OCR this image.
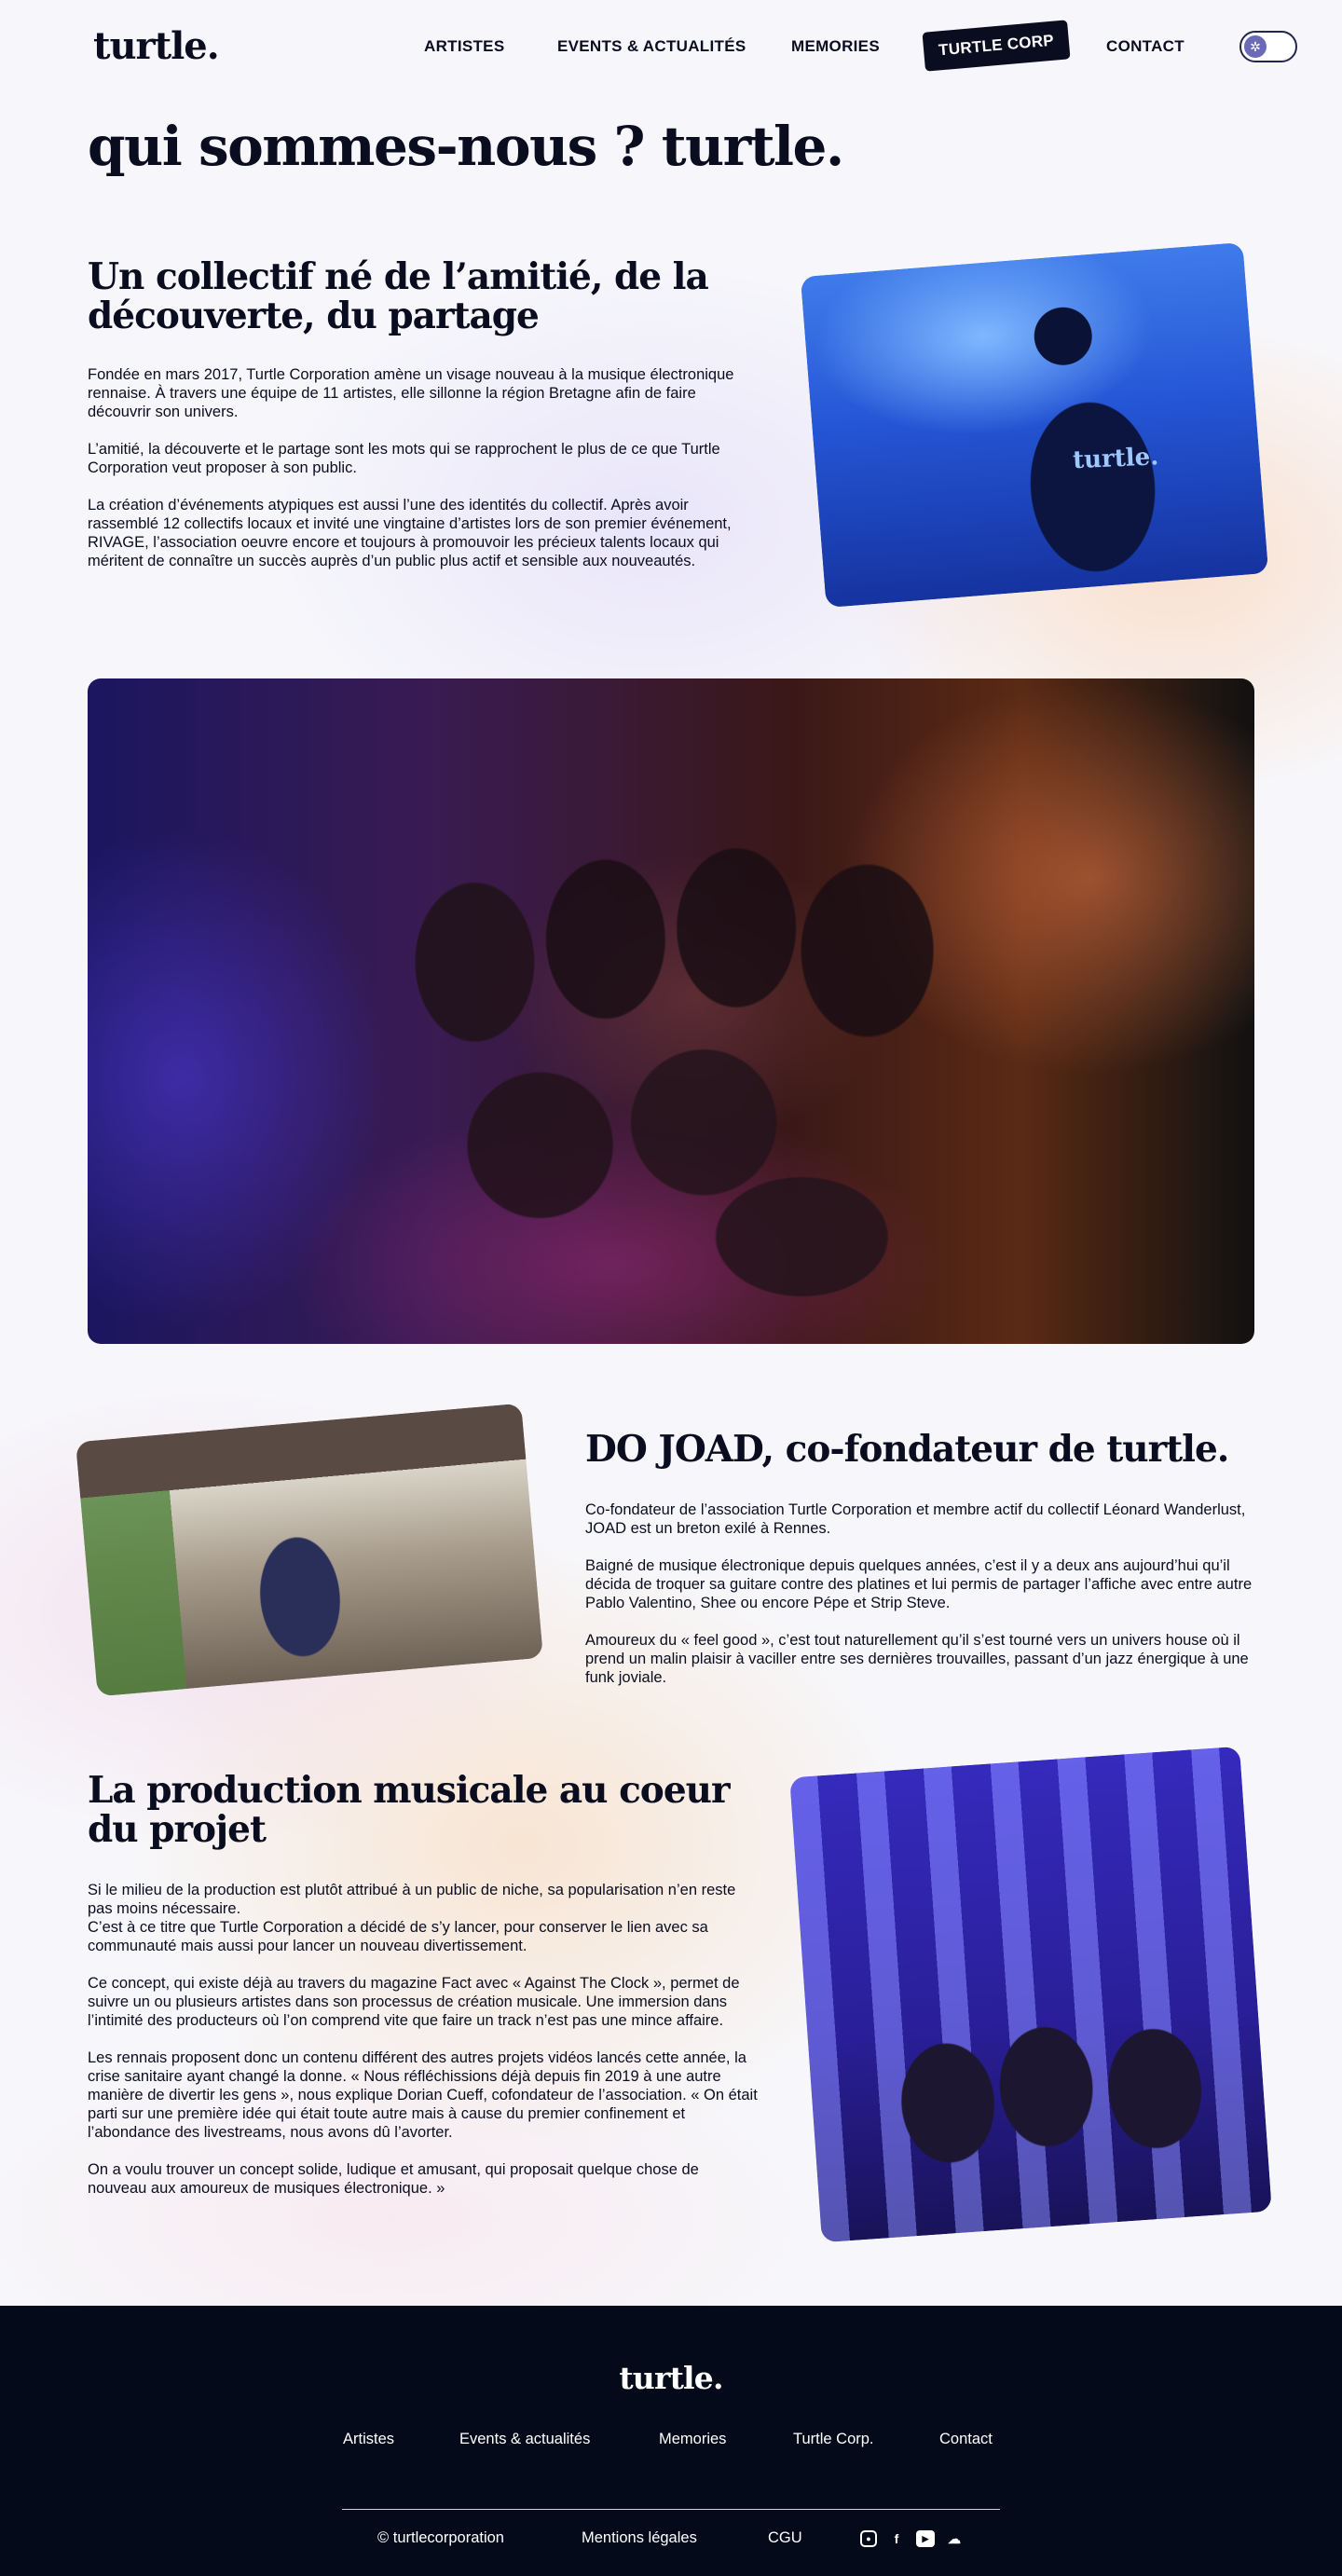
turtle.	ARTISTES	EVENTS & ACTUALITÉS	MEMORIES	TURTLE CORP	CONTACT	✲
qui sommes-nous ? turtle.
Un collectif né de l’amitié, de la découverte, du partage

Fondée en mars 2017, Turtle Corporation amène un visage nouveau à la musique électronique rennaise. À travers une équipe de 11 artistes, elle sillonne la région Bretagne afin de faire découvrir son univers.

L’amitié, la découverte et le partage sont les mots qui se rapprochent le plus de ce que Turtle Corporation veut proposer à son public.

La création d’événements atypiques est aussi l’une des identités du collectif. Après avoir rassemblé 12 collectifs locaux et invité une vingtaine d’artistes lors de son premier événement, RIVAGE, l’association oeuvre encore et toujours à promouvoir les précieux talents locaux qui méritent de connaître un succès auprès d’un public plus actif et sensible aux nouveautés.

turtle.
DO JOAD, co-fondateur de turtle.

Co-fondateur de l’association Turtle Corporation et membre actif du collectif Léonard Wanderlust, JOAD est un breton exilé à Rennes.

Baigné de musique électronique depuis quelques années, c’est il y a deux ans aujourd’hui qu’il décida de troquer sa guitare contre des platines et lui permis de partager l’affiche avec entre autre Pablo Valentino, Shee ou encore Pépe et Strip Steve.

Amoureux du « feel good », c’est tout naturellement qu’il s’est tourné vers un univers house où il prend un malin plaisir à vaciller entre ses dernières trouvailles, passant d’un jazz énergique à une funk joviale.

La production musicale au coeur du projet

Si le milieu de la production est plutôt attribué à un public de niche, sa popularisation n’en reste pas moins nécessaire.
C’est à ce titre que Turtle Corporation a décidé de s’y lancer, pour conserver le lien avec sa communauté mais aussi pour lancer un nouveau divertissement.

Ce concept, qui existe déjà au travers du magazine Fact avec « Against The Clock », permet de suivre un ou plusieurs artistes dans son processus de création musicale. Une immersion dans l’intimité des producteurs où l’on comprend vite que faire un track n’est pas une mince affaire.

Les rennais proposent donc un contenu différent des autres projets vidéos lancés cette année, la crise sanitaire ayant changé la donne. « Nous réfléchissions déjà depuis fin 2019 à une autre manière de divertir les gens », nous explique Dorian Cueff, cofondateur de l’association. « On était parti sur une première idée qui était toute autre mais à cause du premier confinement et l’abondance des livestreams, nous avons dû l’avorter.

On a voulu trouver un concept solide, ludique et amusant, qui proposait quelque chose de nouveau aux amoureux de musiques électronique. »

turtle.
Artistes	Events & actualités	Memories	Turtle Corp.	Contact
© turtlecorporation	Mentions légales	CGU	●	f	▶	☁
